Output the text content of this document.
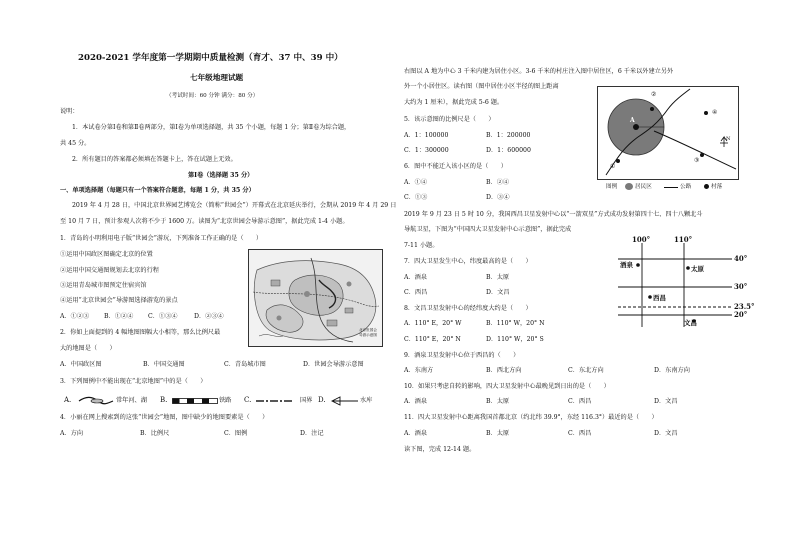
2020-2021 学年度第一学期期中质量检测（育才、37 中、39 中）
七年级地理试题
（考试时间：60 分钟 满分：80 分）
说明：
1．本试卷分第Ⅰ卷和第Ⅱ卷两部分，第Ⅰ卷为单项选择题，共 35 个小题，每题 1 分；第Ⅱ卷为综合题，
共 45 分。
2．所有题目的答案都必须填在答题卡上，答在试题上无效。
第Ⅰ卷（选择题 35 分）
一、单项选择题（每题只有一个答案符合题意，每题 1 分，共 35 分）
2019 年 4 月 28 日，中国北京世界园艺博览会（简称“世园会”）开幕式在北京延庆举行，会期从 2019 年 4 月 29 日
至 10 月 7 日，预计参观人次将不少于 1600 万。读图为“北京世园会导游示意图”，据此完成 1-4 小题。
1．青岛的小明利用电子版“世园会”游玩，下列准备工作正确的是（　　）
①运用中国政区图确定北京的位置
②运用中国交通图规划去北京的行程
③运用青岛城市图预定住宿宾馆
④运用“北京世园会”导游图选择游览的景点
A．①②③ B．①②④ C．①③④	D．②③④
2．你如上面提到的 4 幅地图图幅大小相等，那么比例尺最
大的地图是（　　）
A．中国政区图	B．中国交通图	C．青岛城市图	D．世园会导游示意图
3．下列图例中不能出现在“北京地图”中的是（　　）
A.	常年河、湖 B.	铁路 C.	国界 D.	水库
4．小丽在网上搜索到的这张“世园会”地图，图中缺少的地图要素是（　　）
A．方向	B．比例尺	C．图例	D．注记
北京世园会
导游示意图
右图以 A 地为中心 3 千米内建为居住小区。3-6 千米的村庄注入图中居住区，6 千米以外建立另外
外一个小居住区。读右图（图中居住小区半径的图上距离
大约为 1 厘米），据此完成 5-6 题。
5．该示意图的比例尺是（　　）
A．1：100000	B．1：200000
C．1：300000	D．1：600000
6．图中不能迁入该小区的是（　　）
A．①④	B．②④
C．①③	D．③④
②
A
④
③
①
N
图例	居民区	公路	村落
2019 年 9 月 23 日 5 时 10 分，我国西昌卫星发射中心以“一箭双星”方式成功发射第四十七、四十八颗北斗
导航卫星，下图为“中国四大卫星发射中心示意图”，据此完成
7-11 小题。
7．四大卫星发生中心，纬度最高的是（　　）
A．酒泉	B．太原
C．西昌	D．文昌
8．文昌卫星发射中心的经纬度大约是（　　）
A．110° E，20° W	B．110° W，20° N
C．110° E，20° N	D．110° W，20° S
9．酒泉卫星发射中心位于西昌的（　　）
A．东南方	B．西北方向	C．东北方向	D．东南方向
10．如果只考虑自转的影响，四大卫星发射中心最晚见到日出的是（　　）
A．酒泉	B．太原	C．西昌	D．文昌
11．四大卫星发射中心距离我国首都北京（约北纬 39.9°，东经 116.3°）最近的是（　　）
A．酒泉	B．太原	C．西昌	D．文昌
读下图，完成 12-14 题。
100°	110°
40°
30°
23.5°
20°
酒泉	太原
西昌
文昌
